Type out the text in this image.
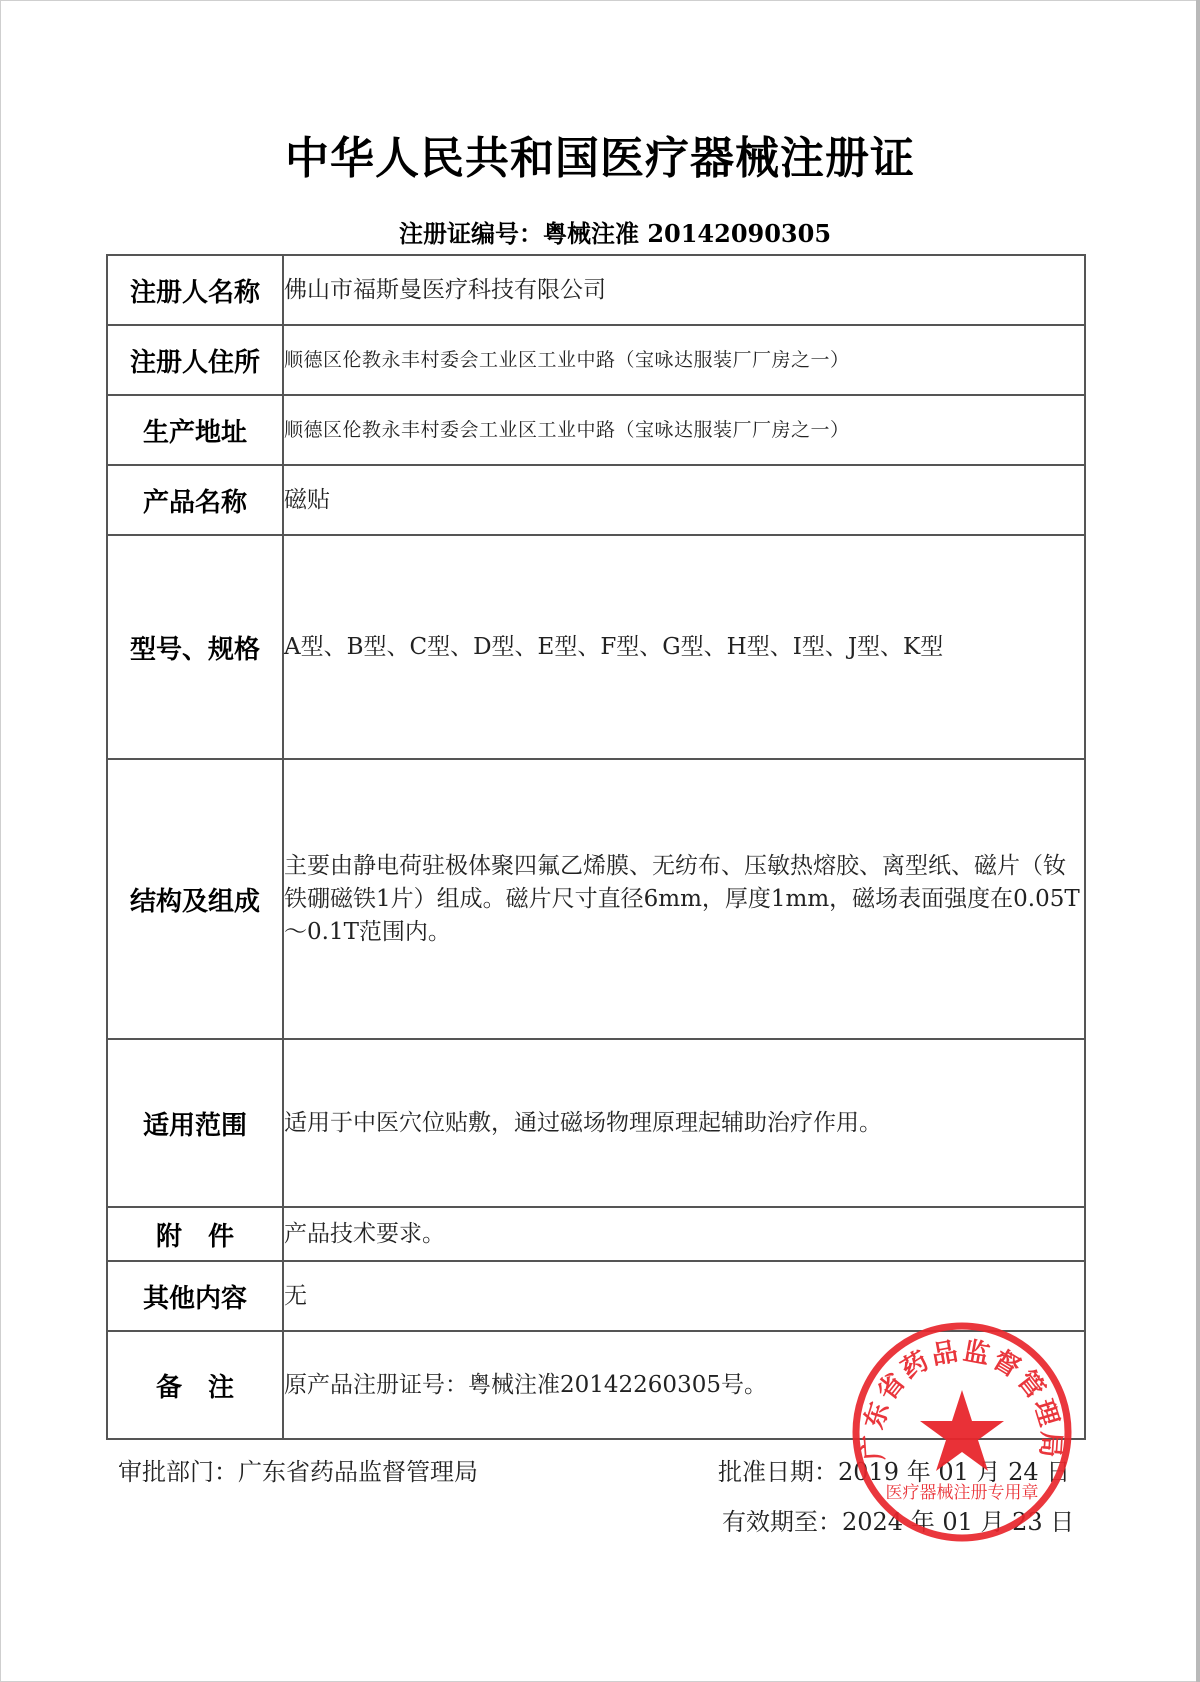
中华人民共和国医疗器械注册证
注册证编号：粤械注准 20142090305
注册人名称	佛山市福斯曼医疗科技有限公司
注册人住所	顺德区伦教永丰村委会工业区工业中路（宝咏达服装厂厂房之一）
生产地址	顺德区伦教永丰村委会工业区工业中路（宝咏达服装厂厂房之一）
产品名称	磁贴
型号、规格	A型、B型、C型、D型、E型、F型、G型、H型、I型、J型、K型
结构及组成	主要由静电荷驻极体聚四氟乙烯膜、无纺布、压敏热熔胶、离型纸、磁片（钕铁硼磁铁1片）组成。磁片尺寸直径6mm，厚度1mm，磁场表面强度在0.05T～0.1T范围内。
适用范围	适用于中医穴位贴敷，通过磁场物理原理起辅助治疗作用。
附件	产品技术要求。
其他内容	无
备注	原产品注册证号：粤械注准20142260305号。
审批部门：广东省药品监督管理局	批准日期：2019 年 01 月 24 日
有效期至：2024 年 01 月 23 日
广东省药品监督管理局
医疗器械注册专用章
